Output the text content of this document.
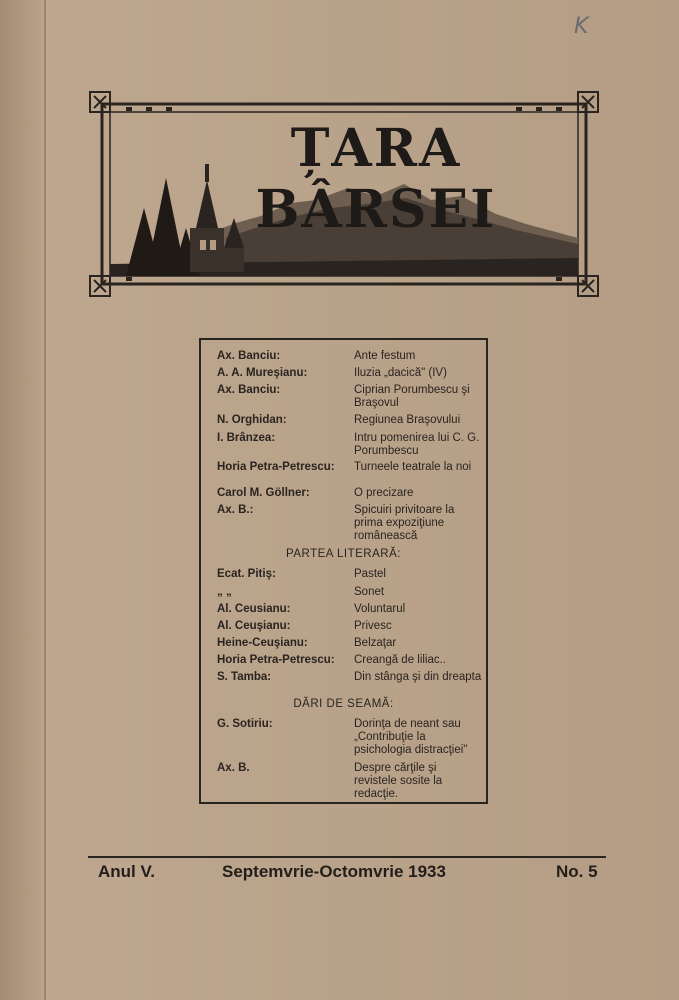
K
ȚARA BÂRSEI
Ax. Banciu:	Ante festum
A. A. Mureşianu:	Iluzia „dacică" (IV)
Ax. Banciu:	Ciprian Porumbescu şi Braşovul
N. Orghidan:	Regiunea Braşovului
I. Brânzea:	Intru pomenirea lui C. G. Porumbescu
Horia Petra-Petrescu:	Turneele teatrale la noi
Carol M. Göllner:	O precizare
Ax. B.:	Spicuiri privitoare la prima expoziţiune românească
PARTEA LITERARĂ:
Ecat. Pitiş:	Pastel
„ „	Sonet
Al. Ceusianu:	Voluntarul
Al. Ceuşianu:	Privesc
Heine-Ceuşianu:	Belzaţar
Horia Petra-Petrescu:	Creangă de liliac..
S. Tamba:	Din stânga şi din dreapta
DĂRI DE SEAMĂ:
G. Sotiriu:	Dorinţa de neant sau „Contribuţie la psichologia distracţiei"
Ax. B.	Despre cărţile şi revistele sosite la redacţie.
Anul V.	Septemvrie-Octomvrie 1933	No. 5
